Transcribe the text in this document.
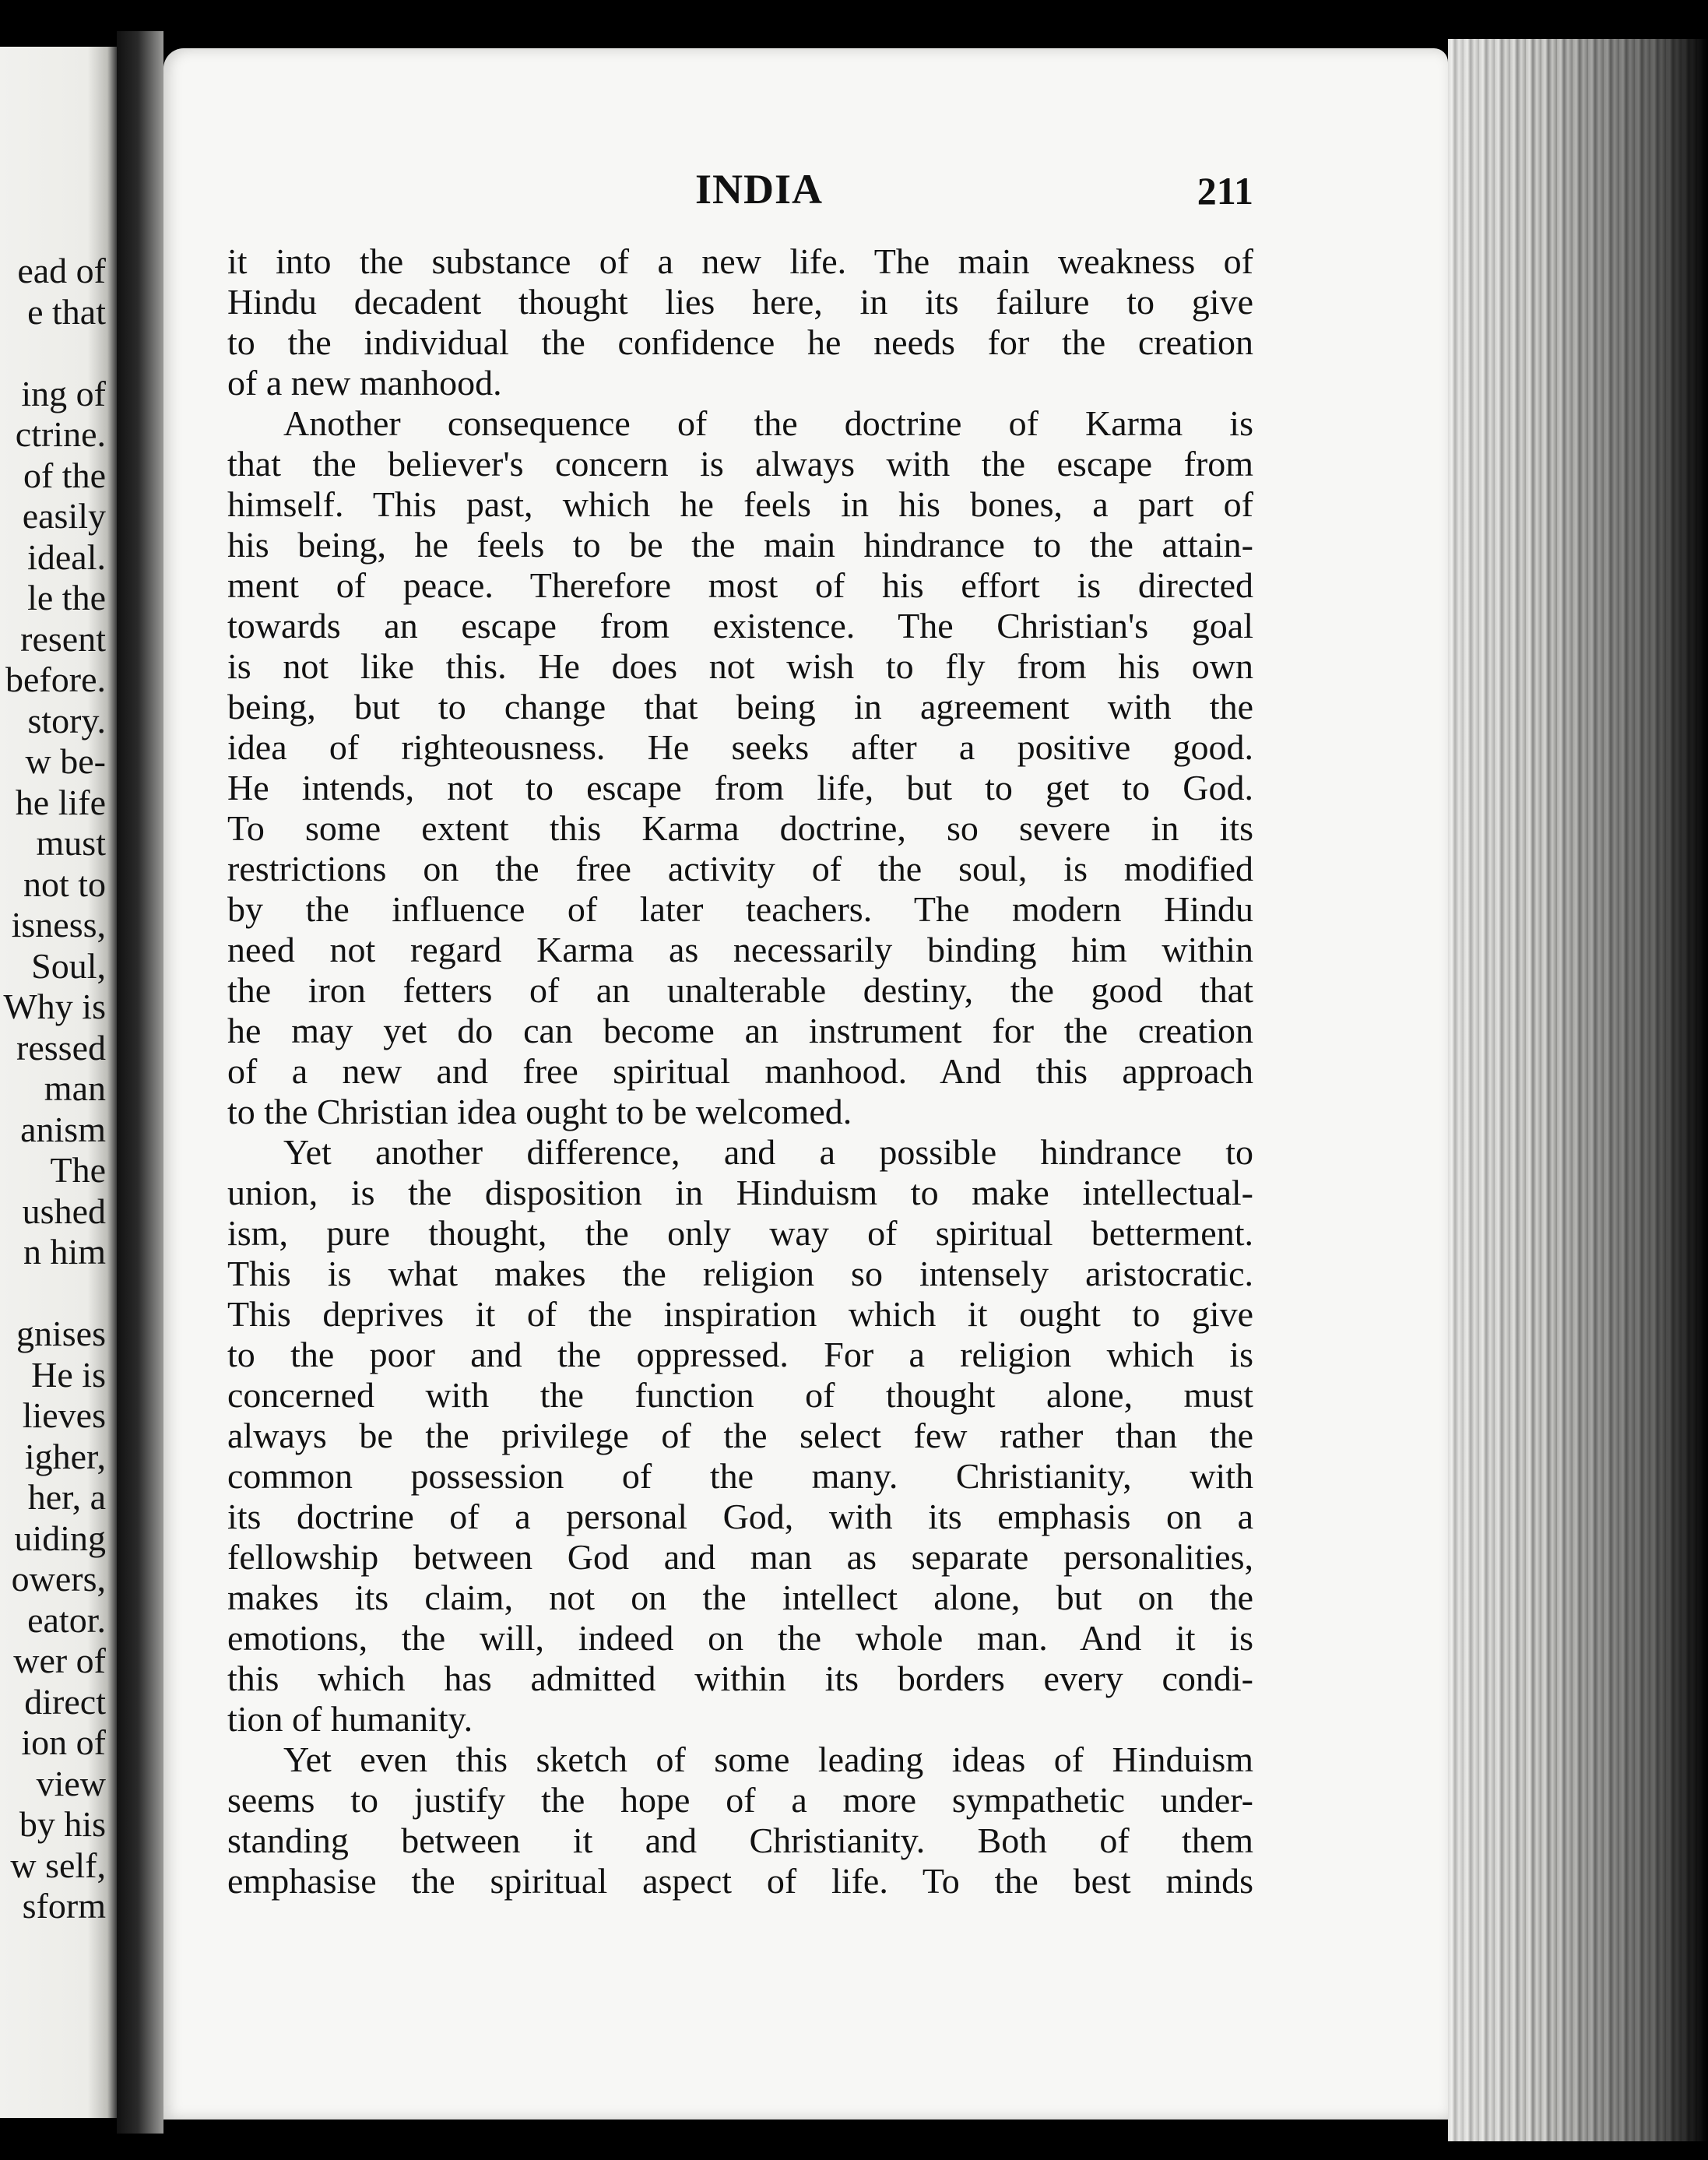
ead of

e that

ing of

ctrine.

of the

easily

ideal.

le the

resent

before.

story.

w be-

he life

must

not to

isness,

Soul,

Why is

ressed

man

anism

The

ushed

n him

gnises

He is

lieves

igher,

her, a

uiding

owers,

eator.

wer of

direct

ion of

view

by his

w self,

sform

INDIA	211

it into the substance of a new life. The main weakness of

Hindu decadent thought lies here, in its failure to give

to the individual the confidence he needs for the creation

of a new manhood.

Another consequence of the doctrine of Karma is

that the believer's concern is always with the escape from

himself. This past, which he feels in his bones, a part of

his being, he feels to be the main hindrance to the attain-

ment of peace. Therefore most of his effort is directed

towards an escape from existence. The Christian's goal

is not like this. He does not wish to fly from his own

being, but to change that being in agreement with the

idea of righteousness. He seeks after a positive good.

He intends, not to escape from life, but to get to God.

To some extent this Karma doctrine, so severe in its

restrictions on the free activity of the soul, is modified

by the influence of later teachers. The modern Hindu

need not regard Karma as necessarily binding him within

the iron fetters of an unalterable destiny, the good that

he may yet do can become an instrument for the creation

of a new and free spiritual manhood. And this approach

to the Christian idea ought to be welcomed.

Yet another difference, and a possible hindrance to

union, is the disposition in Hinduism to make intellectual-

ism, pure thought, the only way of spiritual betterment.

This is what makes the religion so intensely aristocratic.

This deprives it of the inspiration which it ought to give

to the poor and the oppressed. For a religion which is

concerned with the function of thought alone, must

always be the privilege of the select few rather than the

common possession of the many. Christianity, with

its doctrine of a personal God, with its emphasis on a

fellowship between God and man as separate personalities,

makes its claim, not on the intellect alone, but on the

emotions, the will, indeed on the whole man. And it is

this which has admitted within its borders every condi-

tion of humanity.

Yet even this sketch of some leading ideas of Hinduism

seems to justify the hope of a more sympathetic under-

standing between it and Christianity. Both of them

emphasise the spiritual aspect of life. To the best minds
